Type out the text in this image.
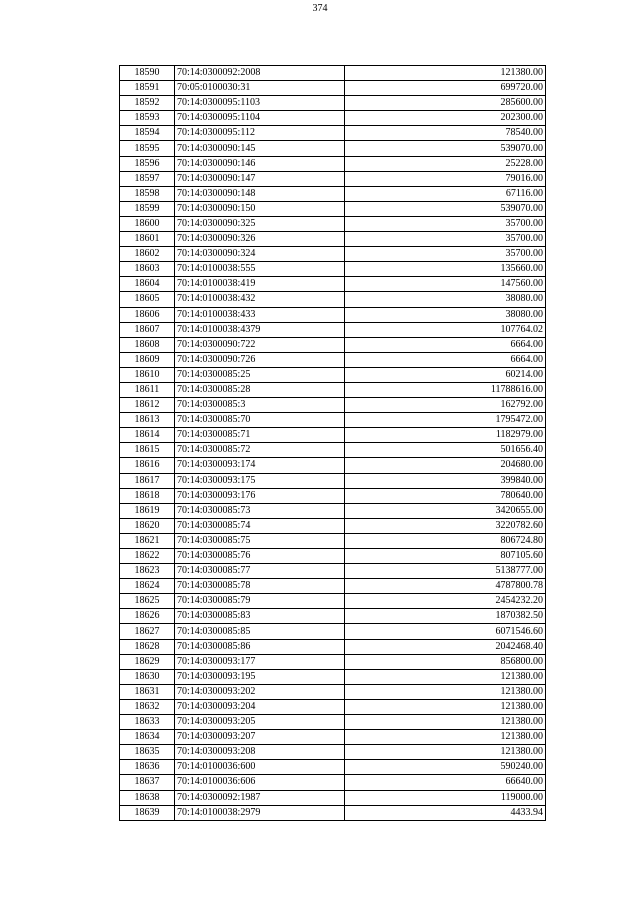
374
18590	70:14:0300092:2008	121380.00
18591	70:05:0100030:31	699720.00
18592	70:14:0300095:1103	285600.00
18593	70:14:0300095:1104	202300.00
18594	70:14:0300095:112	78540.00
18595	70:14:0300090:145	539070.00
18596	70:14:0300090:146	25228.00
18597	70:14:0300090:147	79016.00
18598	70:14:0300090:148	67116.00
18599	70:14:0300090:150	539070.00
18600	70:14:0300090:325	35700.00
18601	70:14:0300090:326	35700.00
18602	70:14:0300090:324	35700.00
18603	70:14:0100038:555	135660.00
18604	70:14:0100038:419	147560.00
18605	70:14:0100038:432	38080.00
18606	70:14:0100038:433	38080.00
18607	70:14:0100038:4379	107764.02
18608	70:14:0300090:722	6664.00
18609	70:14:0300090:726	6664.00
18610	70:14:0300085:25	60214.00
18611	70:14:0300085:28	11788616.00
18612	70:14:0300085:3	162792.00
18613	70:14:0300085:70	1795472.00
18614	70:14:0300085:71	1182979.00
18615	70:14:0300085:72	501656.40
18616	70:14:0300093:174	204680.00
18617	70:14:0300093:175	399840.00
18618	70:14:0300093:176	780640.00
18619	70:14:0300085:73	3420655.00
18620	70:14:0300085:74	3220782.60
18621	70:14:0300085:75	806724.80
18622	70:14:0300085:76	807105.60
18623	70:14:0300085:77	5138777.00
18624	70:14:0300085:78	4787800.78
18625	70:14:0300085:79	2454232.20
18626	70:14:0300085:83	1870382.50
18627	70:14:0300085:85	6071546.60
18628	70:14:0300085:86	2042468.40
18629	70:14:0300093:177	856800.00
18630	70:14:0300093:195	121380.00
18631	70:14:0300093:202	121380.00
18632	70:14:0300093:204	121380.00
18633	70:14:0300093:205	121380.00
18634	70:14:0300093:207	121380.00
18635	70:14:0300093:208	121380.00
18636	70:14:0100036:600	590240.00
18637	70:14:0100036:606	66640.00
18638	70:14:0300092:1987	119000.00
18639	70:14:0100038:2979	4433.94
